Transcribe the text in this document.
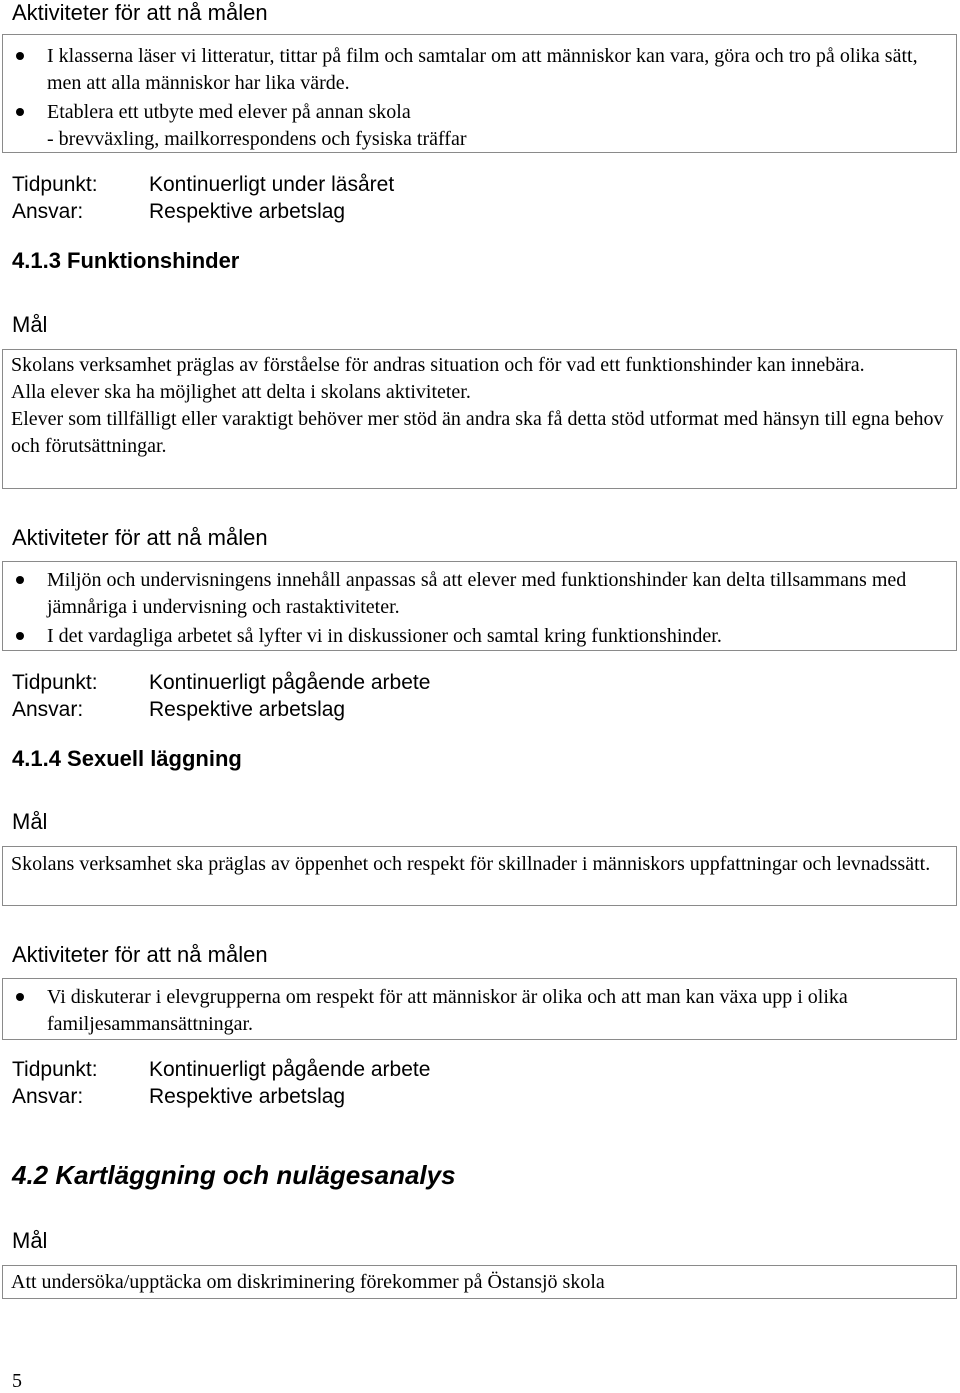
Aktiviteter för att nå målen
I klasserna läser vi litteratur, tittar på film och samtalar om att människor kan vara, göra och tro på olika sätt, men att alla människor har lika värde.
Etablera ett utbyte med elever på annan skola
- brevväxling, mailkorrespondens och fysiska träffar
Tidpunkt: Kontinuerligt under läsåret
Ansvar:	Respektive arbetslag
4.1.3 Funktionshinder
Mål
Skolans verksamhet präglas av förståelse för andras situation och för vad ett funktionshinder kan innebära.
Alla elever ska ha möjlighet att delta i skolans aktiviteter.
Elever som tillfälligt eller varaktigt behöver mer stöd än andra ska få detta stöd utformat med hänsyn till egna behov och förutsättningar.
Aktiviteter för att nå målen
Miljön och undervisningens innehåll anpassas så att elever med funktionshinder kan delta tillsammans med jämnåriga i undervisning och rastaktiviteter.
I det vardagliga arbetet så lyfter vi in diskussioner och samtal kring funktionshinder.
Tidpunkt: Kontinuerligt pågående arbete
Ansvar:	Respektive arbetslag
4.1.4 Sexuell läggning
Mål
Skolans verksamhet ska präglas av öppenhet och respekt för skillnader i människors uppfattningar och levnadssätt.
Aktiviteter för att nå målen
Vi diskuterar i elevgrupperna om respekt för att människor är olika och att man kan växa upp i olika familjesammansättningar.
Tidpunkt: Kontinuerligt pågående arbete
Ansvar:	Respektive arbetslag
4.2 Kartläggning och nulägesanalys
Mål
Att undersöka/upptäcka om diskriminering förekommer på Östansjö skola
5
